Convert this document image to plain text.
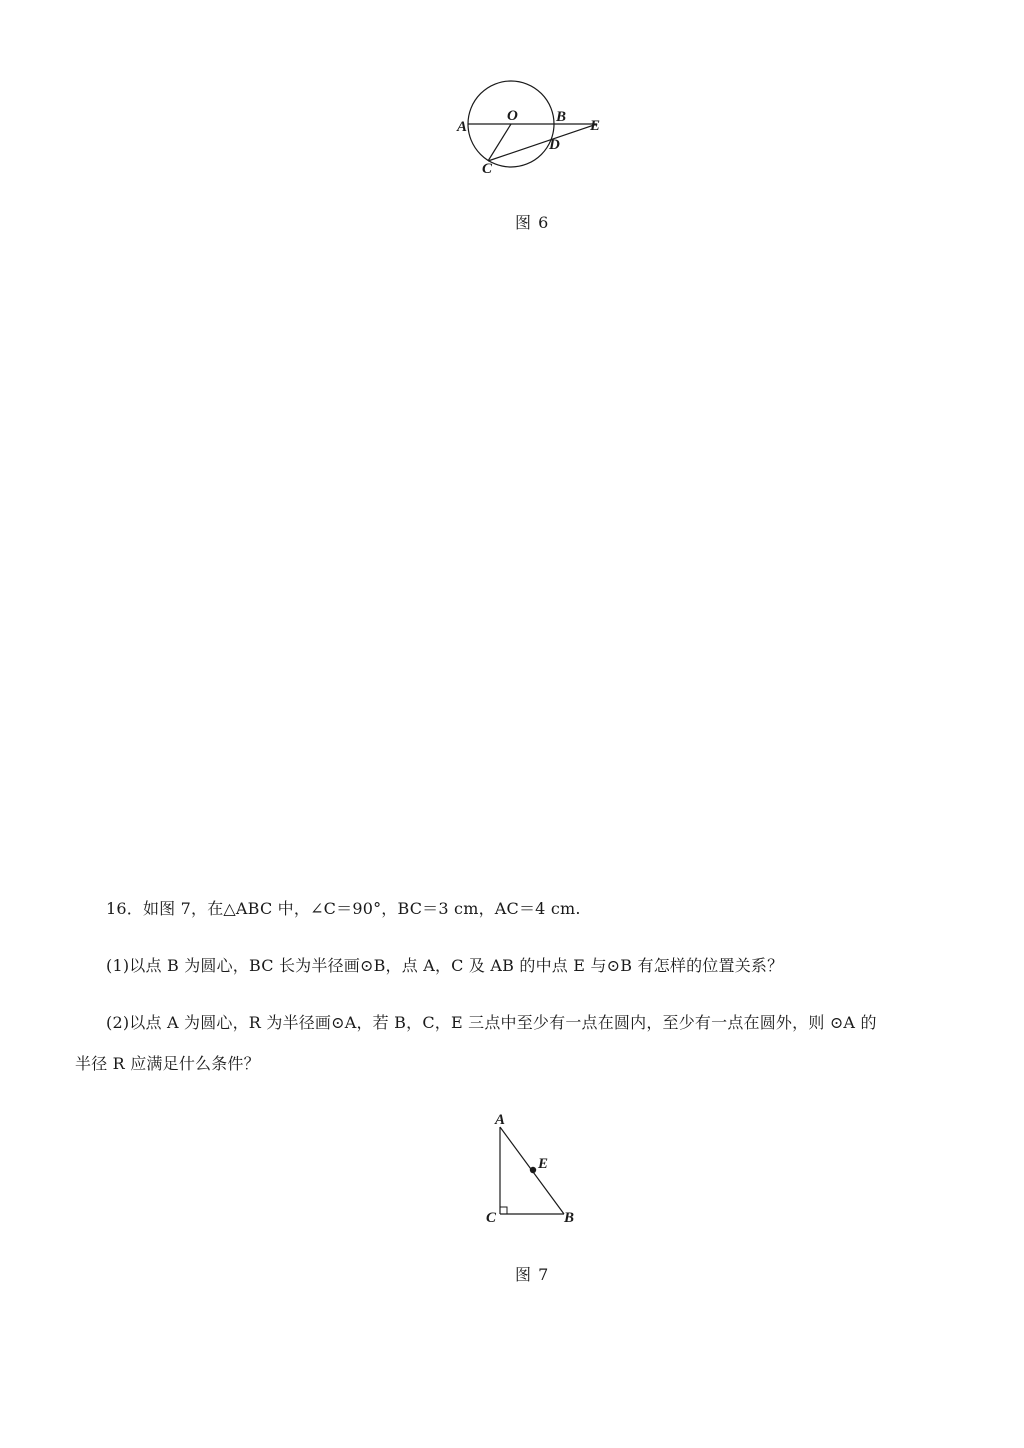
A
O	B
E
D
C
图 6
16．如图 7，在△ABC 中，∠C＝90°，BC＝3 cm，AC＝4 cm.
(1)以点 B 为圆心，BC 长为半径画⊙B，点 A，C 及 AB 的中点 E 与⊙B 有怎样的位置关系？
(2)以点 A 为圆心，R 为半径画⊙A，若 B，C，E 三点中至少有一点在圆内，至少有一点在圆外，则 ⊙A 的
半径 R 应满足什么条件？
A
E
C	B
图 7
